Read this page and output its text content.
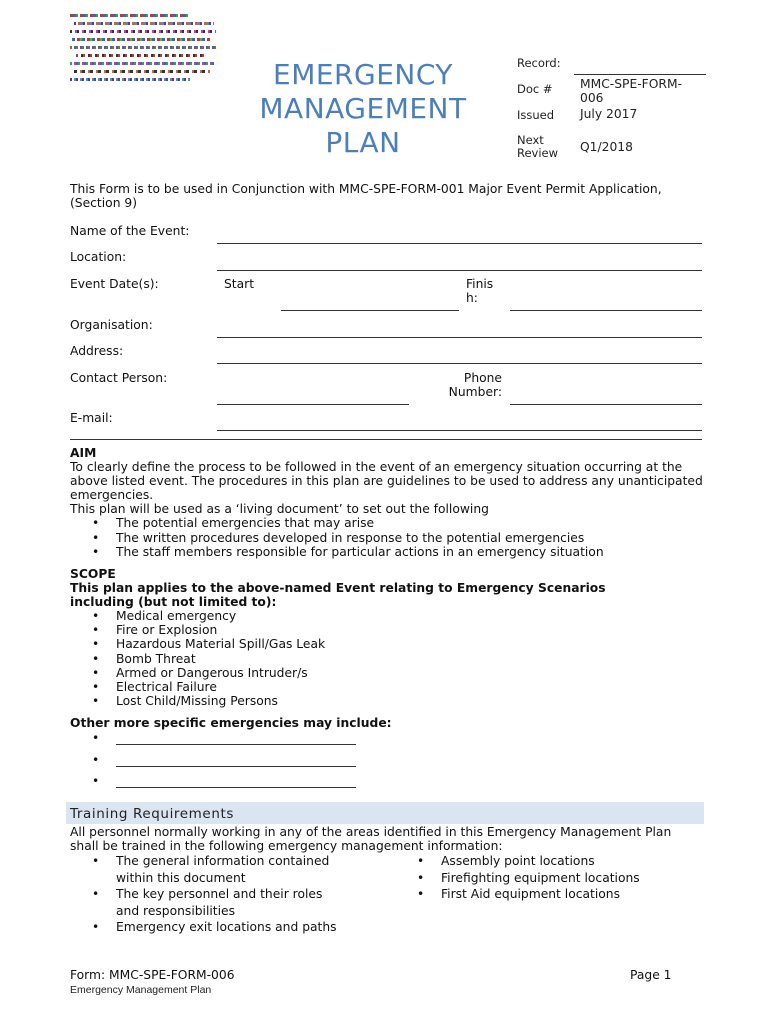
EMERGENCY
MANAGEMENT
PLAN
Record:
Doc # MMC-SPE-FORM-006
Issued July 2017
Next Review	Q1/2018
This Form is to be used in Conjunction with MMC-SPE-FORM-001 Major Event Permit Application, (Section 9)
Name of the Event:
Location:
Event Date(s):	Start	Finish:
Organisation:
Address:
Contact Person:	Phone Number:
E-mail:
AIM
To clearly define the process to be followed in the event of an emergency situation occurring at the above listed event. The procedures in this plan are guidelines to be used to address any unanticipated emergencies.
This plan will be used as a ‘living document’ to set out the following
• The potential emergencies that may arise
• The written procedures developed in response to the potential emergencies
• The staff members responsible for particular actions in an emergency situation
SCOPE
This plan applies to the above-named Event relating to Emergency Scenarios including (but not limited to):
• Medical emergency
• Fire or Explosion
• Hazardous Material Spill/Gas Leak
• Bomb Threat
• Armed or Dangerous Intruder/s
• Electrical Failure
• Lost Child/Missing Persons
Other more specific emergencies may include:
•
•
•
Training Requirements
All personnel normally working in any of the areas identified in this Emergency Management Plan shall be trained in the following emergency management information:
• The general information contained within this document
• The key personnel and their roles and responsibilities
• Emergency exit locations and paths
• Assembly point locations
• Firefighting equipment locations
• First Aid equipment locations
Form: MMC-SPE-FORM-006	Page 1
Emergency Management Plan
